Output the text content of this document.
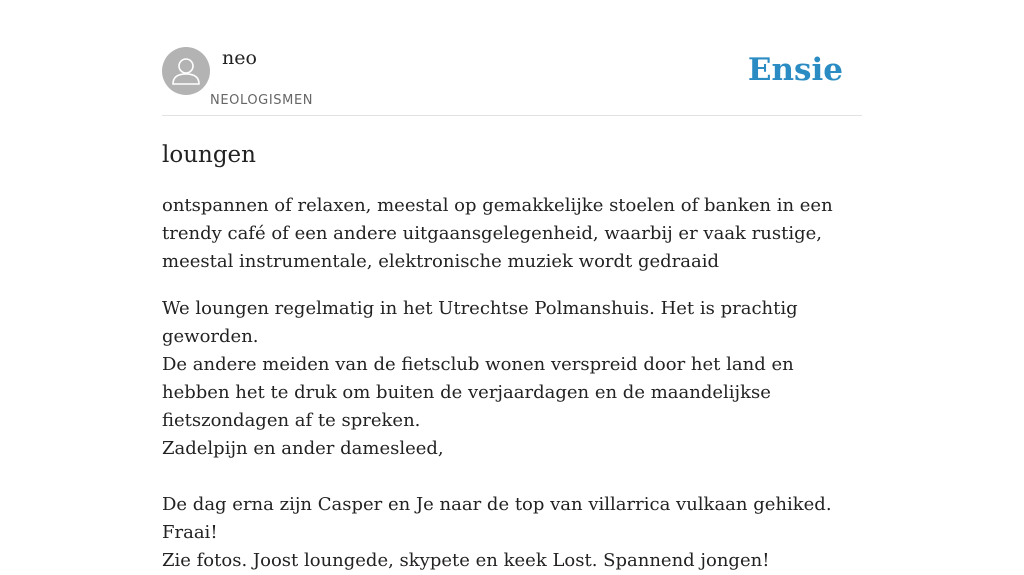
neo
NEOLOGISMEN
Ensie
loungen

ontspannen of relaxen, meestal op gemakkelijke stoelen of banken in een trendy café of een andere uitgaansgelegenheid, waarbij er vaak rustige, meestal instrumentale, elektronische muziek wordt gedraaid

We loungen regelmatig in het Utrechtse Polmanshuis. Het is prachtig geworden.
De andere meiden van de fietsclub wonen verspreid door het land en hebben het te druk om buiten de verjaardagen en de maandelijkse fietszondagen af te spreken.
Zadelpijn en ander damesleed,
De dag erna zijn Casper en Je naar de top van villarrica vulkaan gehiked. Fraai!
Zie fotos. Joost loungede, skypete en keek Lost. Spannend jongen!
